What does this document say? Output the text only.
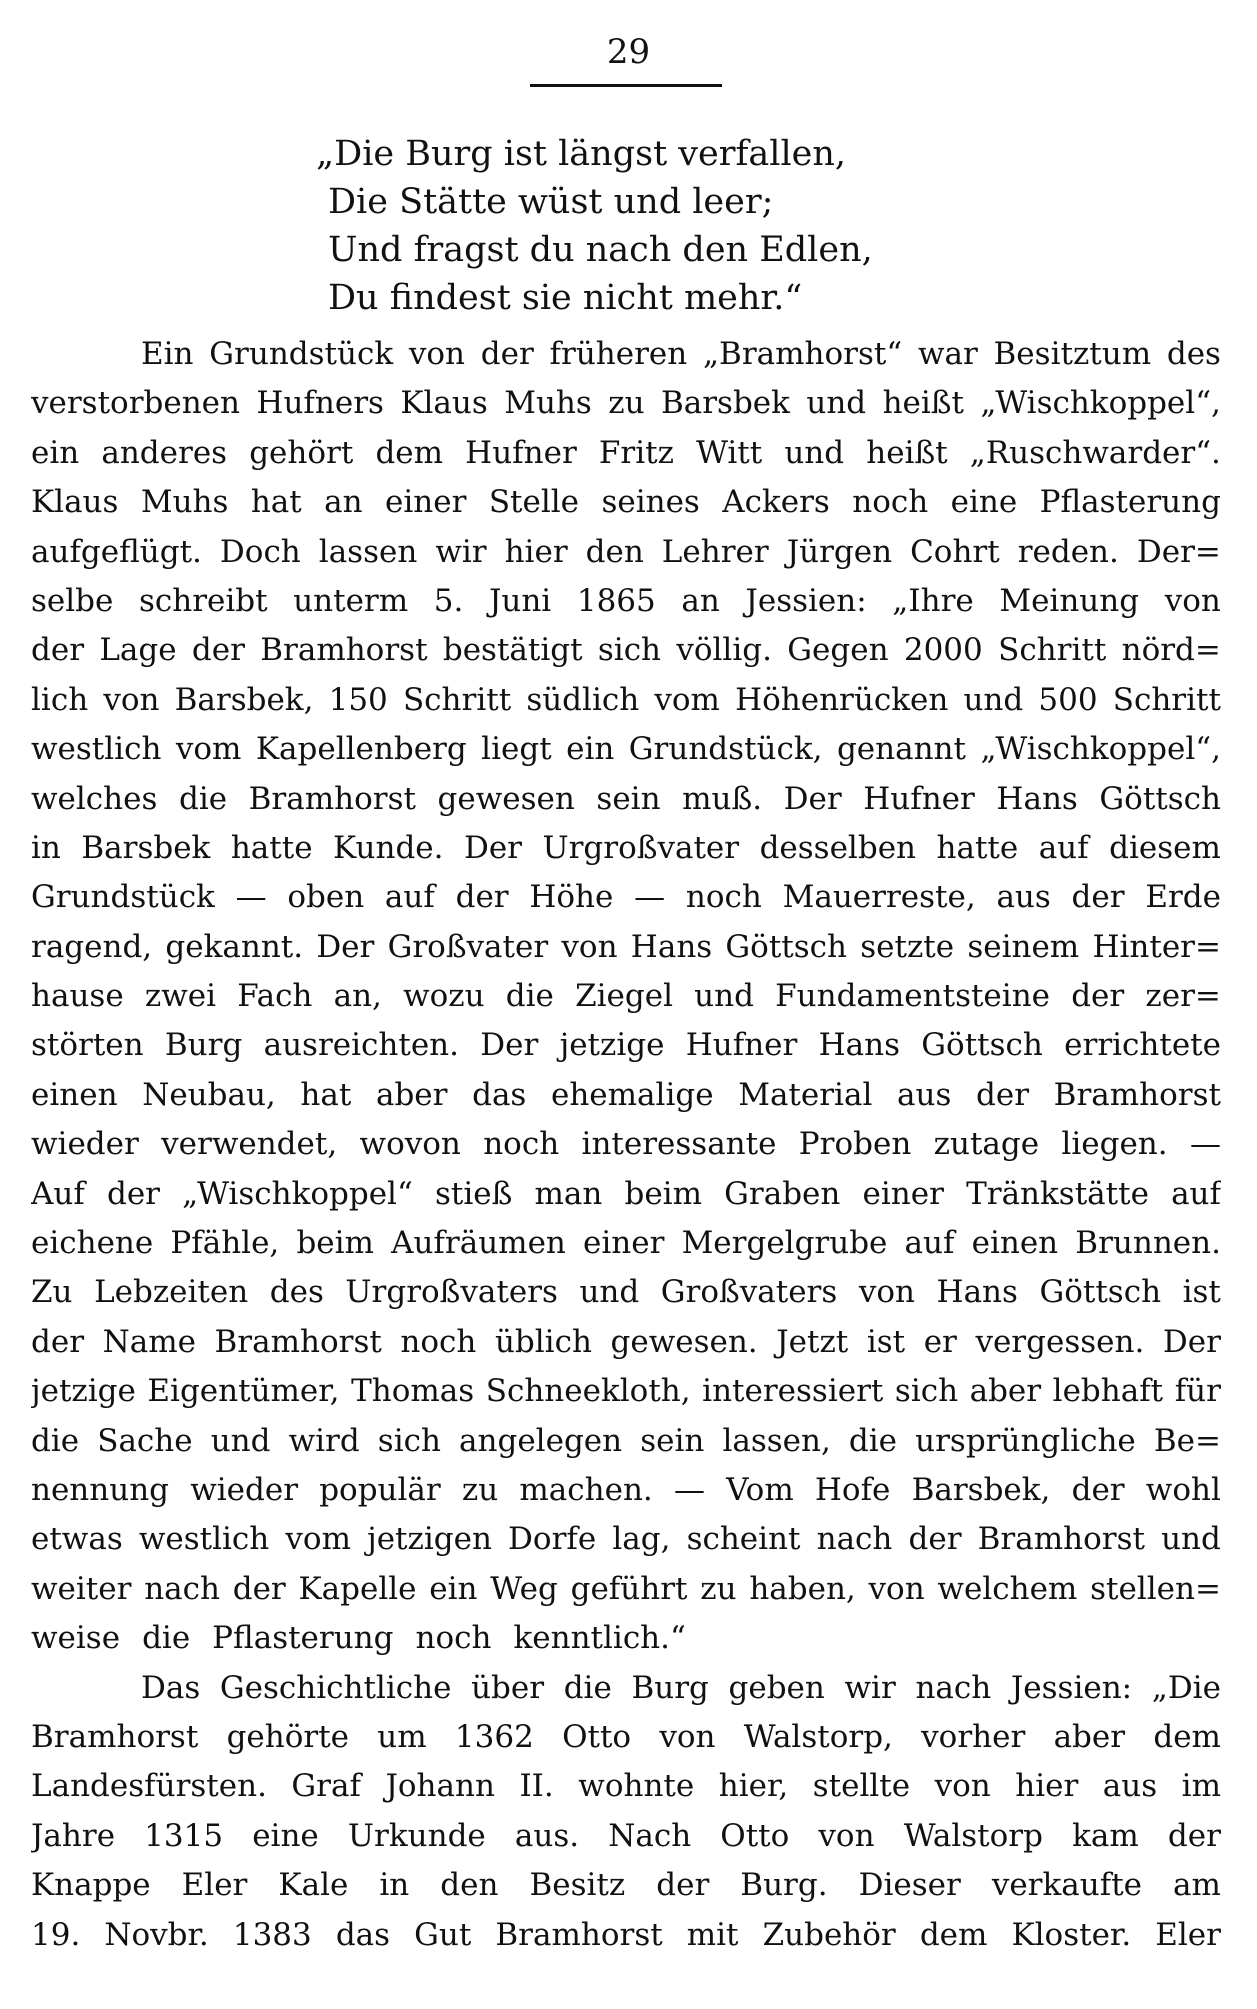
29
„Die Burg ist längst verfallen,
Die Stätte wüst und leer;
Und fragst du nach den Edlen,
Du findest sie nicht mehr.“
Ein Grundstück von der früheren „Bramhorst“ war Besitztum des
verstorbenen Hufners Klaus Muhs zu Barsbek und heißt „Wischkoppel“,
ein anderes gehört dem Hufner Fritz Witt und heißt „Ruschwarder“.
Klaus Muhs hat an einer Stelle seines Ackers noch eine Pflasterung
aufgeflügt. Doch lassen wir hier den Lehrer Jürgen Cohrt reden. Der=
selbe schreibt unterm 5. Juni 1865 an Jessien: „Ihre Meinung von
der Lage der Bramhorst bestätigt sich völlig. Gegen 2000 Schritt nörd=
lich von Barsbek, 150 Schritt südlich vom Höhenrücken und 500 Schritt
westlich vom Kapellenberg liegt ein Grundstück, genannt „Wischkoppel“,
welches die Bramhorst gewesen sein muß. Der Hufner Hans Göttsch
in Barsbek hatte Kunde. Der Urgroßvater desselben hatte auf diesem
Grundstück — oben auf der Höhe — noch Mauerreste, aus der Erde
ragend, gekannt. Der Großvater von Hans Göttsch setzte seinem Hinter=
hause zwei Fach an, wozu die Ziegel und Fundamentsteine der zer=
störten Burg ausreichten. Der jetzige Hufner Hans Göttsch errichtete
einen Neubau, hat aber das ehemalige Material aus der Bramhorst
wieder verwendet, wovon noch interessante Proben zutage liegen. —
Auf der „Wischkoppel“ stieß man beim Graben einer Tränkstätte auf
eichene Pfähle, beim Aufräumen einer Mergelgrube auf einen Brunnen.
Zu Lebzeiten des Urgroßvaters und Großvaters von Hans Göttsch ist
der Name Bramhorst noch üblich gewesen. Jetzt ist er vergessen. Der
jetzige Eigentümer, Thomas Schneekloth, interessiert sich aber lebhaft für
die Sache und wird sich angelegen sein lassen, die ursprüngliche Be=
nennung wieder populär zu machen. — Vom Hofe Barsbek, der wohl
etwas westlich vom jetzigen Dorfe lag, scheint nach der Bramhorst und
weiter nach der Kapelle ein Weg geführt zu haben, von welchem stellen=
weise die Pflasterung noch kenntlich.“
Das Geschichtliche über die Burg geben wir nach Jessien: „Die
Bramhorst gehörte um 1362 Otto von Walstorp, vorher aber dem
Landesfürsten. Graf Johann II. wohnte hier, stellte von hier aus im
Jahre 1315 eine Urkunde aus. Nach Otto von Walstorp kam der
Knappe Eler Kale in den Besitz der Burg. Dieser verkaufte am
19. Novbr. 1383 das Gut Bramhorst mit Zubehör dem Kloster. Eler
